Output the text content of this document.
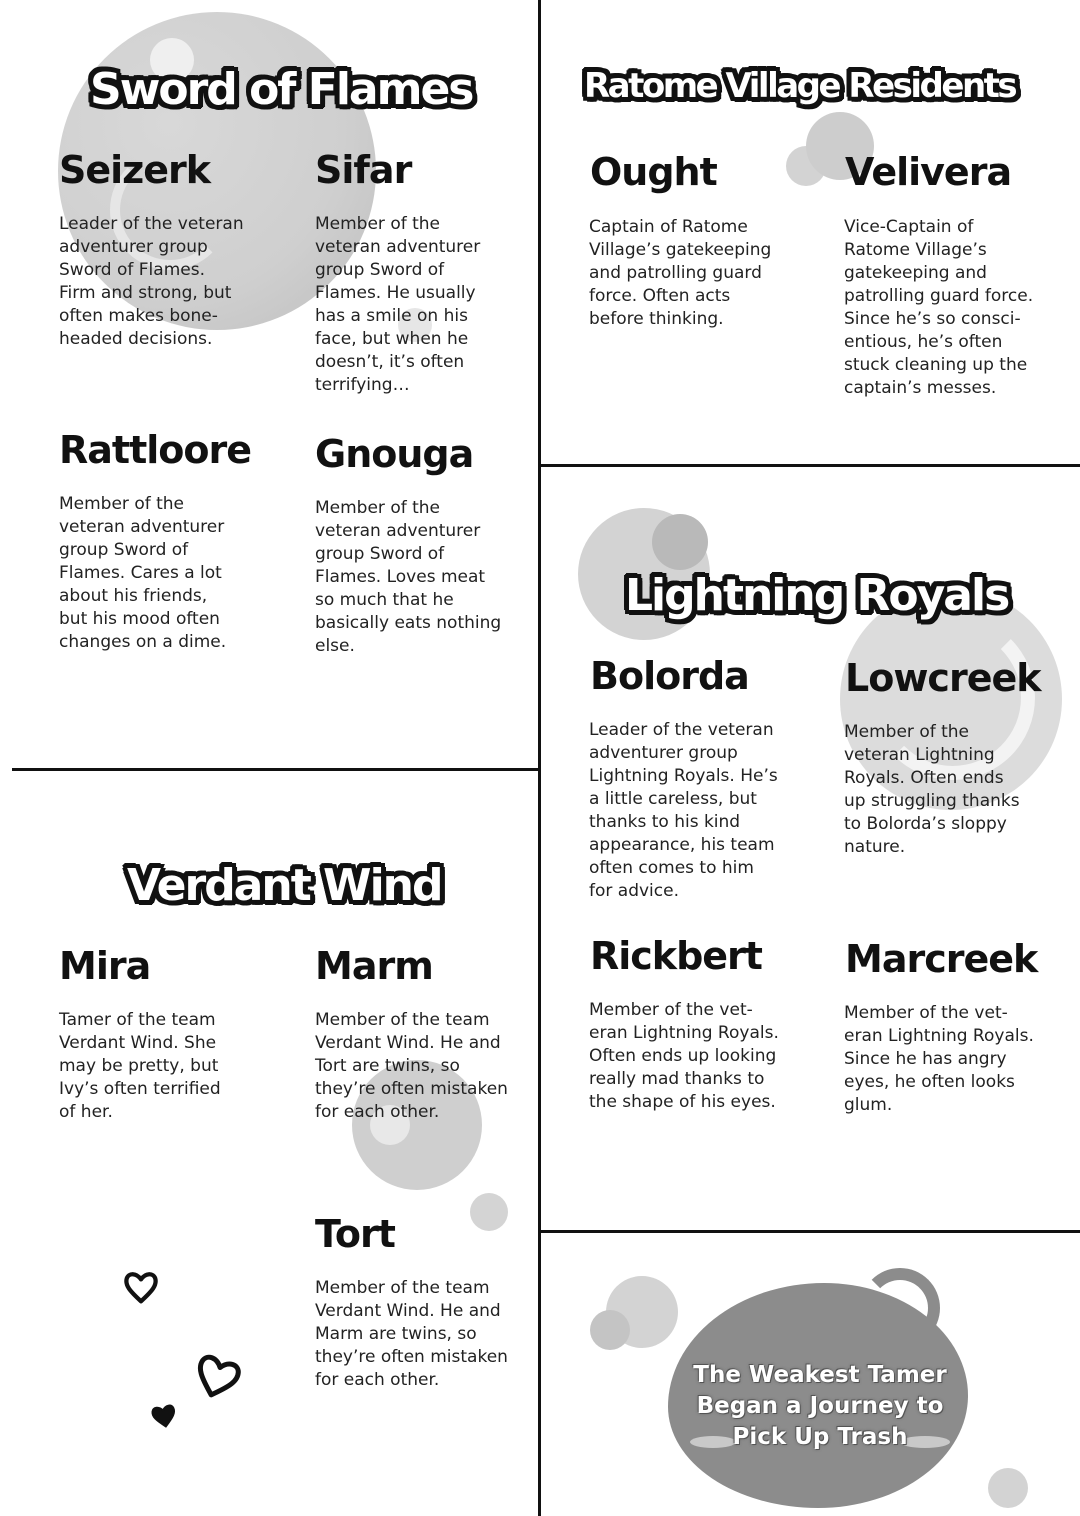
Sword of Flames
Seizerk

Leader of the veteran
adventurer group
Sword of Flames.
Firm and strong, but
often makes bone-
headed decisions.

Sifar

Member of the
veteran adventurer
group Sword of
Flames. He usually
has a smile on his
face, but when he
doesn’t, it’s often
terrifying…

Rattloore

Member of the
veteran adventurer
group Sword of
Flames. Cares a lot
about his friends,
but his mood often
changes on a dime.

Gnouga

Member of the
veteran adventurer
group Sword of
Flames. Loves meat
so much that he
basically eats nothing
else.

Ratome Village Residents
Ought

Captain of Ratome
Village’s gatekeeping
and patrolling guard
force. Often acts
before thinking.

Velivera

Vice-Captain of
Ratome Village’s
gatekeeping and
patrolling guard force.
Since he’s so consci-
entious, he’s often
stuck cleaning up the
captain’s messes.

Lightning Royals
Bolorda

Leader of the veteran
adventurer group
Lightning Royals. He’s
a little careless, but
thanks to his kind
appearance, his team
often comes to him
for advice.

Lowcreek

Member of the
veteran Lightning
Royals. Often ends
up struggling thanks
to Bolorda’s sloppy
nature.

Rickbert

Member of the vet-
eran Lightning Royals.
Often ends up looking
really mad thanks to
the shape of his eyes.

Marcreek

Member of the vet-
eran Lightning Royals.
Since he has angry
eyes, he often looks
glum.

Verdant Wind
Mira

Tamer of the team
Verdant Wind. She
may be pretty, but
Ivy’s often terrified
of her.

Marm

Member of the team
Verdant Wind. He and
Tort are twins, so
they’re often mistaken
for each other.

Tort

Member of the team
Verdant Wind. He and
Marm are twins, so
they’re often mistaken
for each other.	The Weakest Tamer
Began a Journey to
Pick Up Trash
